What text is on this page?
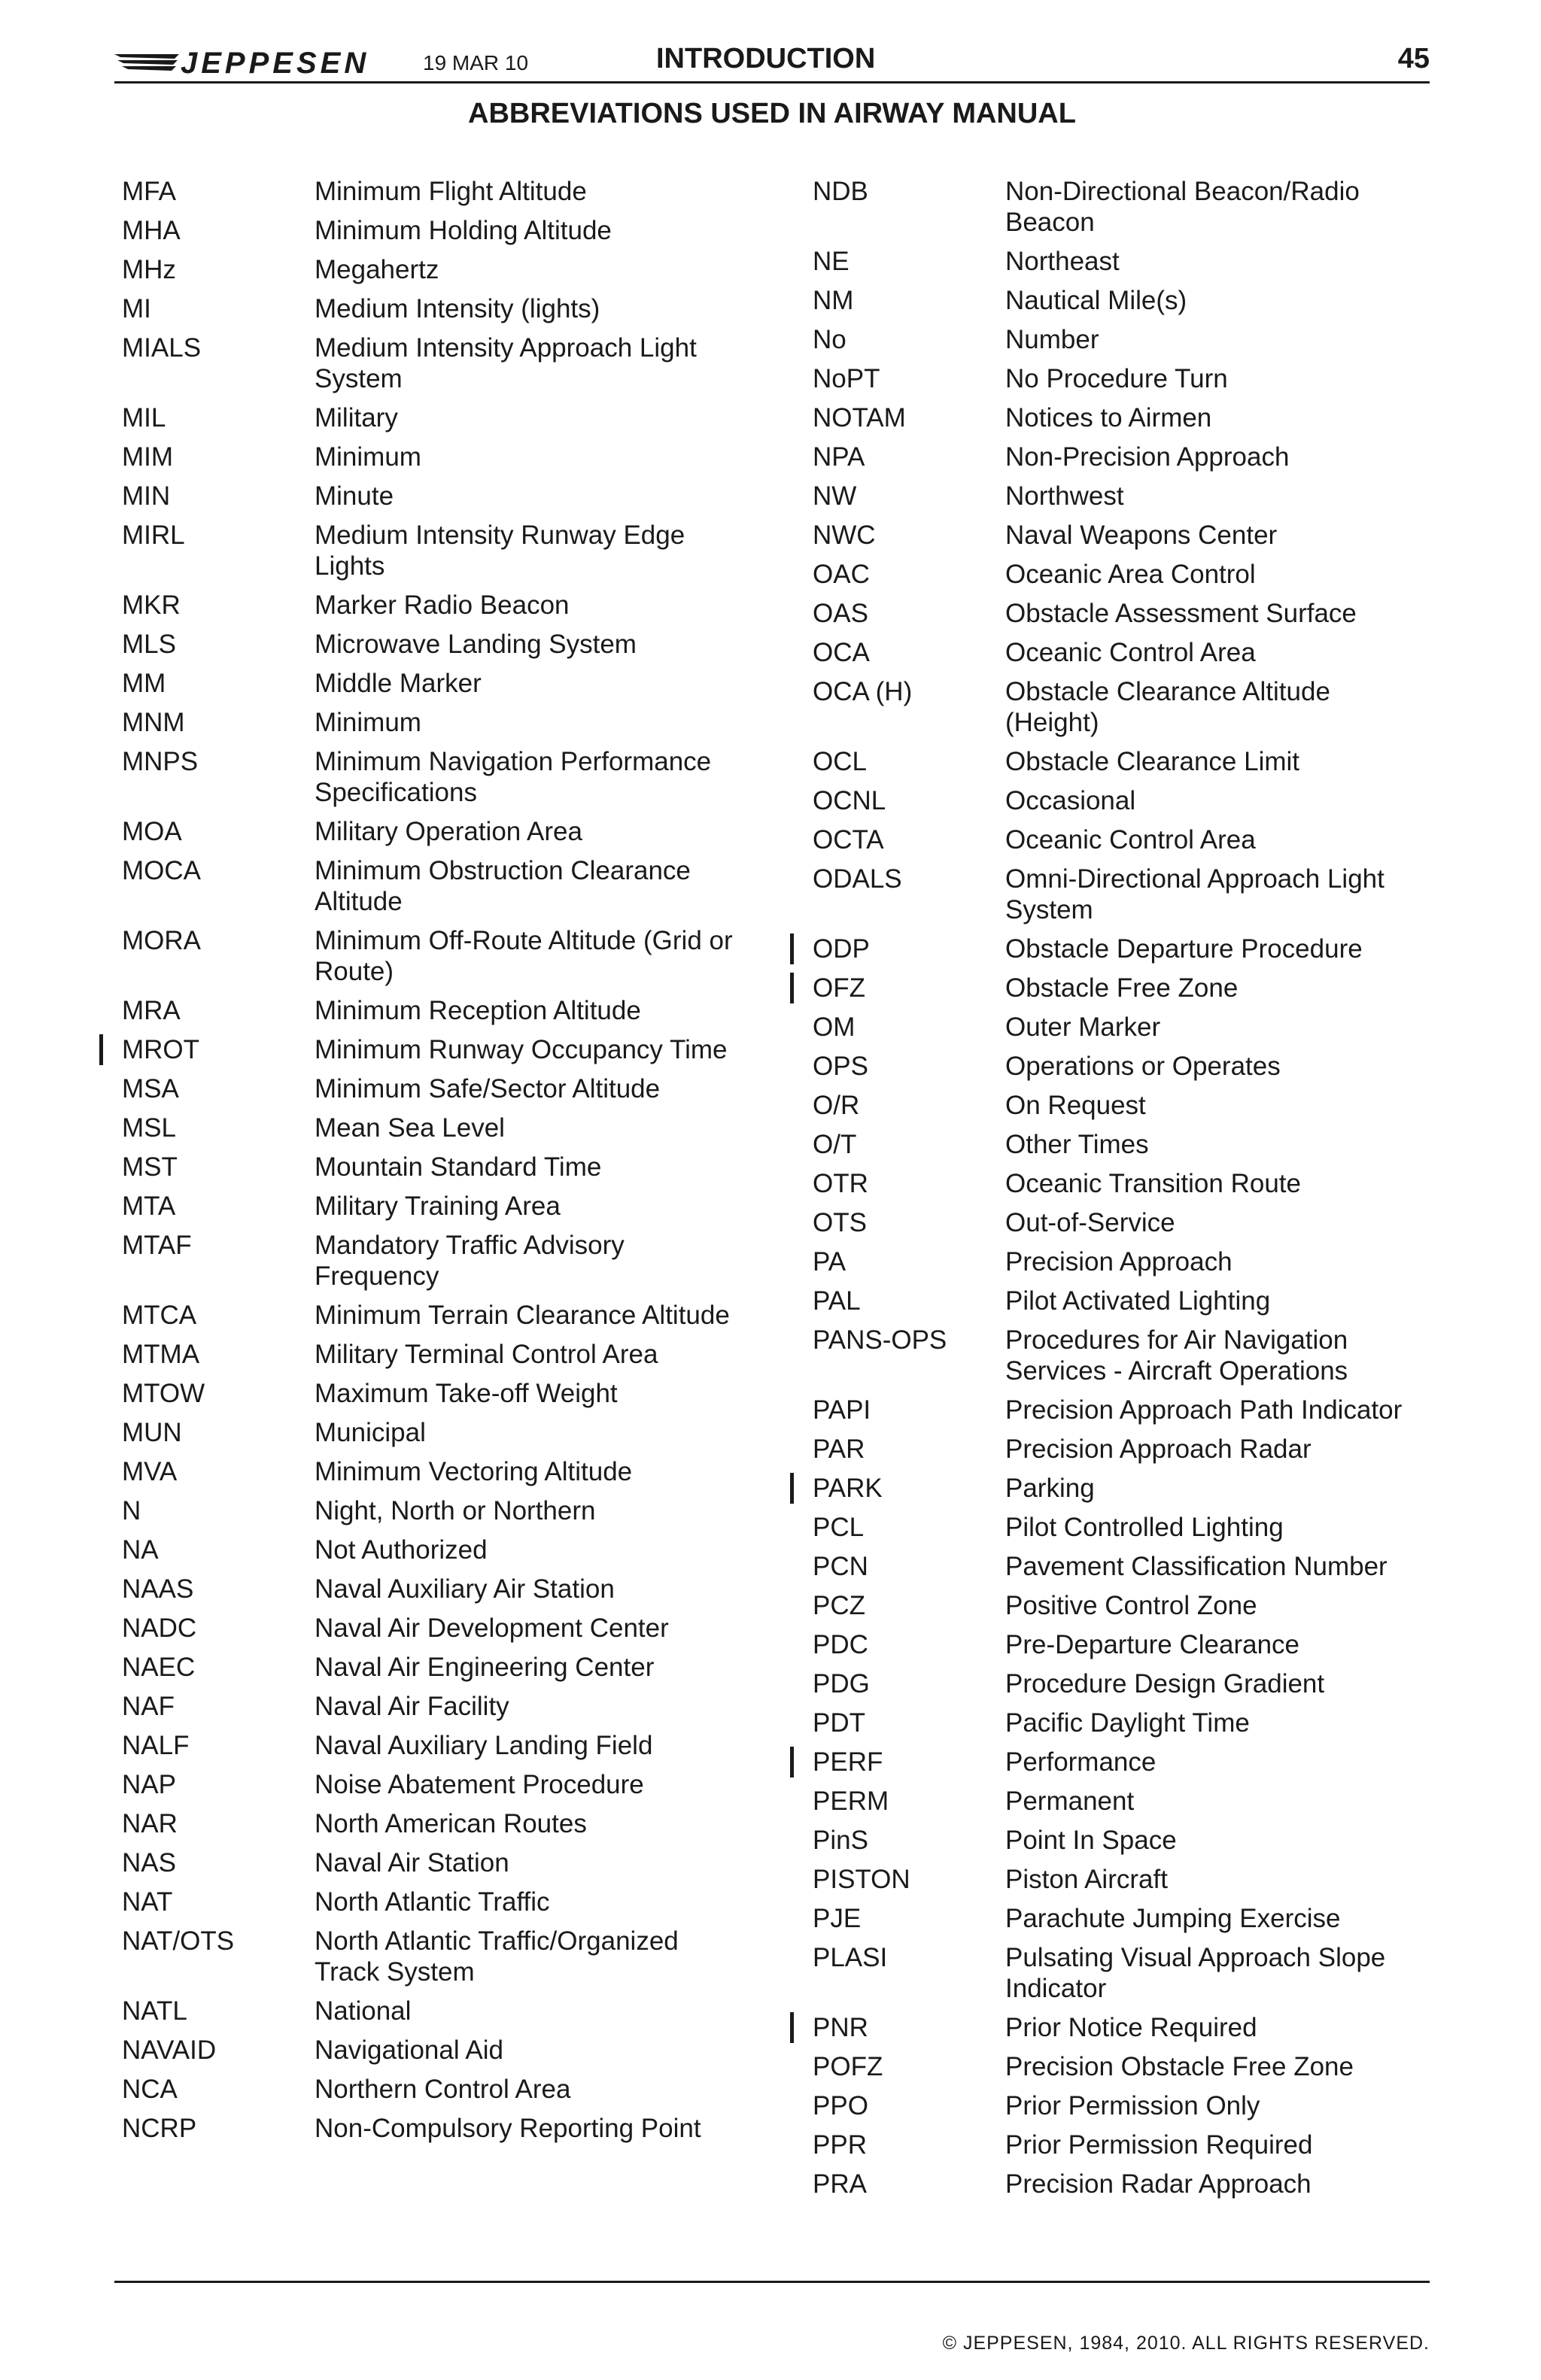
JEPPESEN	19 MAR 10	INTRODUCTION	45
ABBREVIATIONS USED IN AIRWAY MANUAL
MFA	Minimum Flight Altitude
MHA	Minimum Holding Altitude
MHz	Megahertz
MI	Medium Intensity (lights)
MIALS	Medium Intensity Approach Light System
MIL	Military
MIM	Minimum
MIN	Minute
MIRL	Medium Intensity Runway Edge Lights
MKR	Marker Radio Beacon
MLS	Microwave Landing System
MM	Middle Marker
MNM	Minimum
MNPS	Minimum Navigation Performance Specifications
MOA	Military Operation Area
MOCA	Minimum Obstruction Clearance Altitude
MORA	Minimum Off-Route Altitude (Grid or Route)
MRA	Minimum Reception Altitude
MROT	Minimum Runway Occupancy Time
MSA	Minimum Safe/Sector Altitude
MSL	Mean Sea Level
MST	Mountain Standard Time
MTA	Military Training Area
MTAF	Mandatory Traffic Advisory Frequency
MTCA	Minimum Terrain Clearance Altitude
MTMA	Military Terminal Control Area
MTOW	Maximum Take-off Weight
MUN	Municipal
MVA	Minimum Vectoring Altitude
N	Night, North or Northern
NA	Not Authorized
NAAS	Naval Auxiliary Air Station
NADC	Naval Air Development Center
NAEC	Naval Air Engineering Center
NAF	Naval Air Facility
NALF	Naval Auxiliary Landing Field
NAP	Noise Abatement Procedure
NAR	North American Routes
NAS	Naval Air Station
NAT	North Atlantic Traffic
NAT/OTS	North Atlantic Traffic/Organized Track System
NATL	National
NAVAID	Navigational Aid
NCA	Northern Control Area
NCRP	Non-Compulsory Reporting Point
NDB	Non-Directional Beacon/Radio Beacon
NE	Northeast
NM	Nautical Mile(s)
No	Number
NoPT	No Procedure Turn
NOTAM	Notices to Airmen
NPA	Non-Precision Approach
NW	Northwest
NWC	Naval Weapons Center
OAC	Oceanic Area Control
OAS	Obstacle Assessment Surface
OCA	Oceanic Control Area
OCA (H)	Obstacle Clearance Altitude (Height)
OCL	Obstacle Clearance Limit
OCNL	Occasional
OCTA	Oceanic Control Area
ODALS	Omni-Directional Approach Light System
ODP	Obstacle Departure Procedure
OFZ	Obstacle Free Zone
OM	Outer Marker
OPS	Operations or Operates
O/R	On Request
O/T	Other Times
OTR	Oceanic Transition Route
OTS	Out-of-Service
PA	Precision Approach
PAL	Pilot Activated Lighting
PANS-OPS	Procedures for Air Navigation Services - Aircraft Operations
PAPI	Precision Approach Path Indicator
PAR	Precision Approach Radar
PARK	Parking
PCL	Pilot Controlled Lighting
PCN	Pavement Classification Number
PCZ	Positive Control Zone
PDC	Pre-Departure Clearance
PDG	Procedure Design Gradient
PDT	Pacific Daylight Time
PERF	Performance
PERM	Permanent
PinS	Point In Space
PISTON	Piston Aircraft
PJE	Parachute Jumping Exercise
PLASI	Pulsating Visual Approach Slope Indicator
PNR	Prior Notice Required
POFZ	Precision Obstacle Free Zone
PPO	Prior Permission Only
PPR	Prior Permission Required
PRA	Precision Radar Approach
© JEPPESEN, 1984, 2010. ALL RIGHTS RESERVED.
